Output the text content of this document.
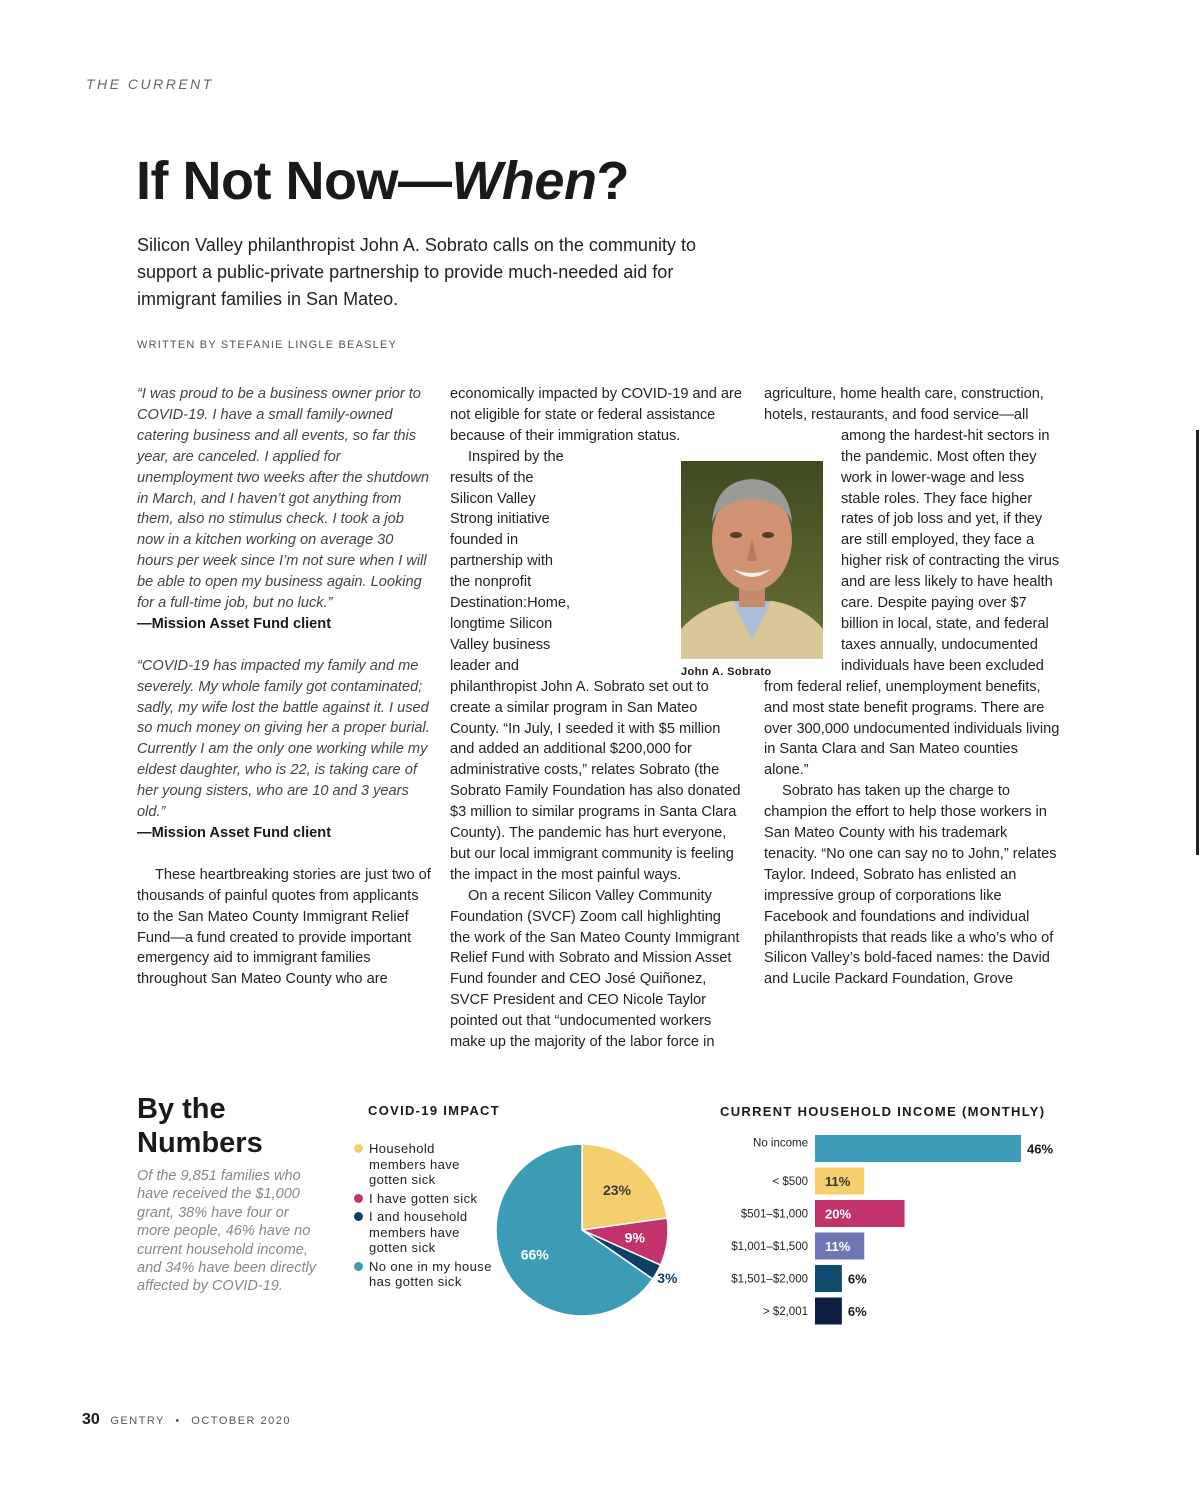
THE CURRENT
If Not Now—When?

Silicon Valley philanthropist John A. Sobrato calls on the community to support a public-private partnership to provide much-needed aid for immigrant families in San Mateo.

WRITTEN BY STEFANIE LINGLE BEASLEY

“I was proud to be a business owner prior to COVID-19. I have a small family-owned catering business and all events, so far this year, are canceled. I applied for unemployment two weeks after the shutdown in March, and I haven’t got anything from them, also no stimulus check. I took a job now in a kitchen working on average 30 hours per week since I’m not sure when I will be able to open my business again. Looking for a full-time job, but no luck.”

—Mission Asset Fund client

“COVID-19 has impacted my family and me severely. My whole family got contaminated; sadly, my wife lost the battle against it. I used so much money on giving her a proper burial. Currently I am the only one working while my eldest daughter, who is 22, is taking care of her young sisters, who are 10 and 3 years old.”

—Mission Asset Fund client

These heartbreaking stories are just two of thousands of painful quotes from applicants to the San Mateo County Immigrant Relief Fund—a fund created to provide important emergency aid to immigrant families throughout San Mateo County who are

economically impacted by COVID-19 and are not eligible for state or federal assistance because of their immigration status.

Inspired by the results of the Silicon Valley Strong initiative founded in partnership with the nonprofit Destination:Home, longtime Silicon Valley business leader and philanthropist John A. Sobrato set out to create a similar program in San Mateo County. “In July, I seeded it with $5 million and added an additional $200,000 for administrative costs,” relates Sobrato (the Sobrato Family Foundation has also donated $3 million to similar programs in Santa Clara County). The pandemic has hurt everyone, but our local immigrant community is feeling the impact in the most painful ways.

On a recent Silicon Valley Community Foundation (SVCF) Zoom call highlighting the work of the San Mateo County Immigrant Relief Fund with Sobrato and Mission Asset Fund founder and CEO José Quiñonez, SVCF President and CEO Nicole Taylor pointed out that “undocumented workers make up the majority of the labor force in

agriculture, home health care, construction, hotels, restaurants, and food service—all among the hardest-hit sectors in the pandemic. Most often they work in lower-wage and less stable roles. They face higher rates of job loss and yet, if they are still employed, they face a higher risk of contracting the virus and are less likely to have health care. Despite paying over $7 billion in local, state, and federal taxes annually, undocumented individuals have been excluded from federal relief, unemployment benefits, and most state benefit programs. There are over 300,000 undocumented individuals living in Santa Clara and San Mateo counties alone.”

Sobrato has taken up the charge to champion the effort to help those workers in San Mateo County with his trademark tenacity. “No one can say no to John,” relates Taylor. Indeed, Sobrato has enlisted an impressive group of corporations like Facebook and foundations and individual philanthropists that reads like a who’s who of Silicon Valley’s bold-faced names: the David and Lucile Packard Foundation, Grove

John A. Sobrato
By the
Numbers
Of the 9,851 families who have received the $1,000 grant, 38% have four or more people, 46% have no current household income, and 34% have been directly affected by COVID-19.
COVID-19 IMPACT
Household members have gotten sick
I have gotten sick
I and household members have gotten sick
No one in my house has gotten sick
23%
9%
3%
66%
CURRENT HOUSEHOLD INCOME (MONTHLY)
No income	46%
< $500 11%
$501–$1,000 20%
$1,001–$1,500 11%
$1,501–$2,000	6%
> $2,001	6%
30 GENTRY • OCTOBER 2020
